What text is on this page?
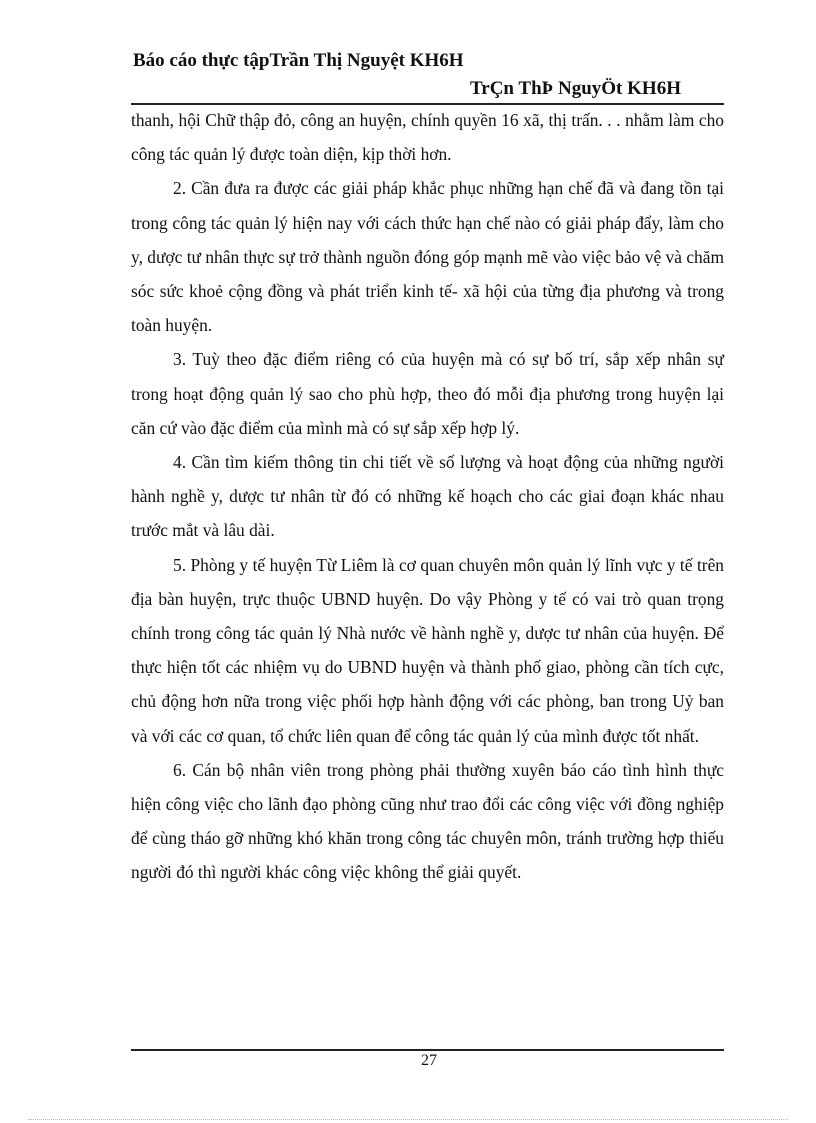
Báo cáo thực tậpTrần Thị Nguyệt KH6H
TrÇn ThÞ NguyÖt KH6H

thanh, hội Chữ thập đỏ, công an huyện, chính quyền 16 xã, thị trấn. . . nhằm làm cho công tác quản lý được toàn diện, kịp thời hơn.

2. Cần đưa ra được các giải pháp khắc phục những hạn chế đã và đang tồn tại trong công tác quản lý hiện nay với cách thức hạn chế nào có giải pháp đẩy, làm cho y, dược tư nhân thực sự trở thành nguồn đóng góp mạnh mẽ vào việc bảo vệ và chăm sóc sức khoẻ cộng đồng và phát triển kinh tế- xã hội của từng địa phương và trong toàn huyện.

3. Tuỳ theo đặc điểm riêng có của huyện mà có sự bố trí, sắp xếp nhân sự trong hoạt động quản lý sao cho phù hợp, theo đó mỗi địa phương trong huyện lại căn cứ vào đặc điểm của mình mà có sự sắp xếp hợp lý.

4. Cần tìm kiếm thông tin chi tiết về số lượng và hoạt động của những người hành nghề y, dược tư nhân từ đó có những kế hoạch cho các giai đoạn khác nhau trước mắt và lâu dài.

5. Phòng y tế huyện Từ Liêm là cơ quan chuyên môn quản lý lĩnh vực y tế trên địa bàn huyện, trực thuộc UBND huyện. Do vậy Phòng y tế có vai trò quan trọng chính trong công tác quản lý Nhà nước về hành nghề y, dược tư nhân của huyện. Để thực hiện tốt các nhiệm vụ do UBND huyện và thành phố giao, phòng cần tích cực, chủ động hơn nữa trong việc phối hợp hành động với các phòng, ban trong Uỷ ban và với các cơ quan, tổ chức liên quan để công tác quản lý của mình được tốt nhất.

6. Cán bộ nhân viên trong phòng phải thường xuyên báo cáo tình hình thực hiện công việc cho lãnh đạo phòng cũng như trao đổi các công việc với đồng nghiệp để cùng tháo gỡ những khó khăn trong công tác chuyên môn, tránh trường hợp thiếu người đó thì người khác công việc không thể giải quyết.

27
